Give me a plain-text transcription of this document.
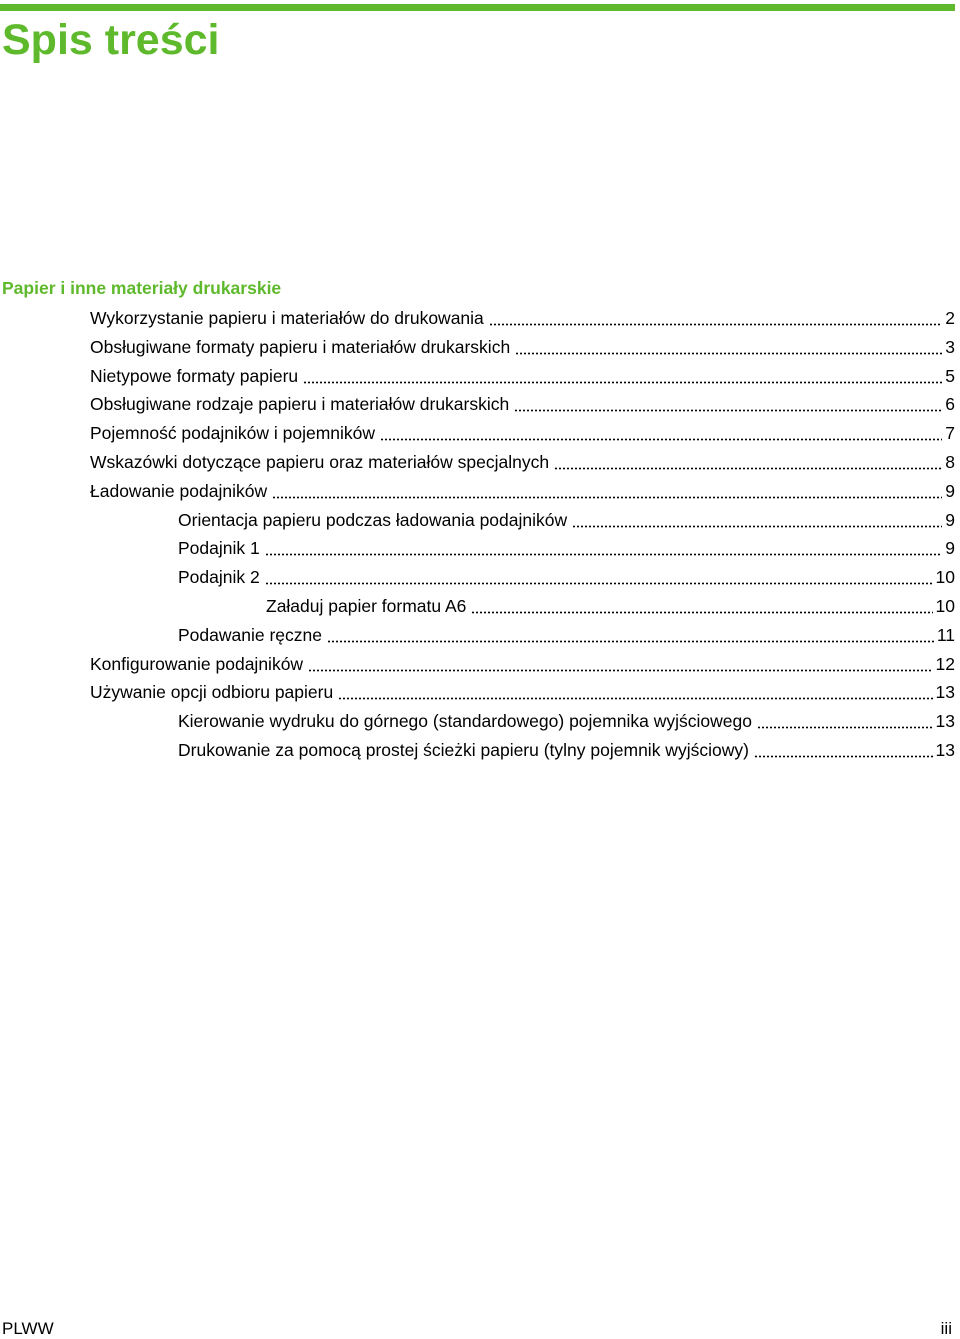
Spis treści
Papier i inne materiały drukarskie
Wykorzystanie papieru i materiałów do drukowania	2
Obsługiwane formaty papieru i materiałów drukarskich	3
Nietypowe formaty papieru	5
Obsługiwane rodzaje papieru i materiałów drukarskich	6
Pojemność podajników i pojemników	7
Wskazówki dotyczące papieru oraz materiałów specjalnych	8
Ładowanie podajników	9
Orientacja papieru podczas ładowania podajników	9
Podajnik 1	9
Podajnik 2	10
Załaduj papier formatu A6	10
Podawanie ręczne	11
Konfigurowanie podajników	12
Używanie opcji odbioru papieru	13
Kierowanie wydruku do górnego (standardowego) pojemnika wyjściowego	13
Drukowanie za pomocą prostej ścieżki papieru (tylny pojemnik wyjściowy)	13
PLWW	iii
